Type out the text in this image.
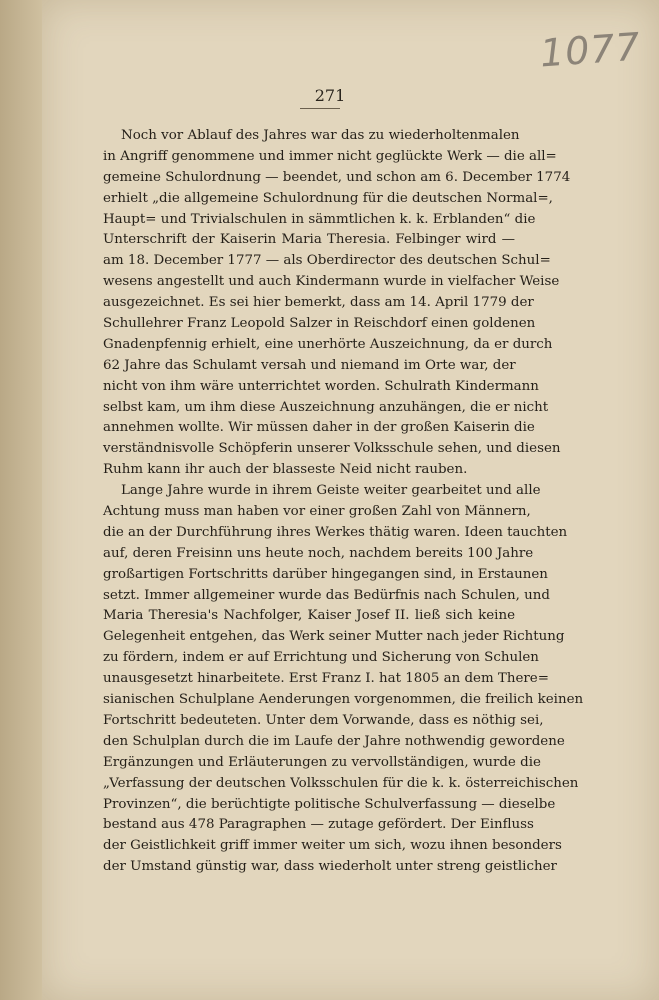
1077
271
Noch vor Ablauf des Jahres war das zu wiederholtenmalen
in Angriff genommene und immer nicht geglückte Werk — die all=
gemeine Schulordnung — beendet, und schon am 6. December 1774
erhielt „die allgemeine Schulordnung für die deutschen Normal=,
Haupt= und Trivialschulen in sämmtlichen k. k. Erblanden“ die
Unterschrift der Kaiserin Maria Theresia. Felbinger wird —
am 18. December 1777 — als Oberdirector des deutschen Schul=
wesens angestellt und auch Kindermann wurde in vielfacher Weise
ausgezeichnet. Es sei hier bemerkt, dass am 14. April 1779 der
Schullehrer Franz Leopold Salzer in Reischdorf einen goldenen
Gnadenpfennig erhielt, eine unerhörte Auszeichnung, da er durch
62 Jahre das Schulamt versah und niemand im Orte war, der
nicht von ihm wäre unterrichtet worden. Schulrath Kindermann
selbst kam, um ihm diese Auszeichnung anzuhängen, die er nicht
annehmen wollte. Wir müssen daher in der großen Kaiserin die
verständnisvolle Schöpferin unserer Volksschule sehen, und diesen
Ruhm kann ihr auch der blasseste Neid nicht rauben.
Lange Jahre wurde in ihrem Geiste weiter gearbeitet und alle
Achtung muss man haben vor einer großen Zahl von Männern,
die an der Durchführung ihres Werkes thätig waren. Ideen tauchten
auf, deren Freisinn uns heute noch, nachdem bereits 100 Jahre
großartigen Fortschritts darüber hingegangen sind, in Erstaunen
setzt. Immer allgemeiner wurde das Bedürfnis nach Schulen, und
Maria Theresia's Nachfolger, Kaiser Josef II. ließ sich keine
Gelegenheit entgehen, das Werk seiner Mutter nach jeder Richtung
zu fördern, indem er auf Errichtung und Sicherung von Schulen
unausgesetzt hinarbeitete. Erst Franz I. hat 1805 an dem There=
sianischen Schulplane Aenderungen vorgenommen, die freilich keinen
Fortschritt bedeuteten. Unter dem Vorwande, dass es nöthig sei,
den Schulplan durch die im Laufe der Jahre nothwendig gewordene
Ergänzungen und Erläuterungen zu vervollständigen, wurde die
„Verfassung der deutschen Volksschulen für die k. k. österreichischen
Provinzen“, die berüchtigte politische Schulverfassung — dieselbe
bestand aus 478 Paragraphen — zutage gefördert. Der Einfluss
der Geistlichkeit griff immer weiter um sich, wozu ihnen besonders
der Umstand günstig war, dass wiederholt unter streng geistlicher
